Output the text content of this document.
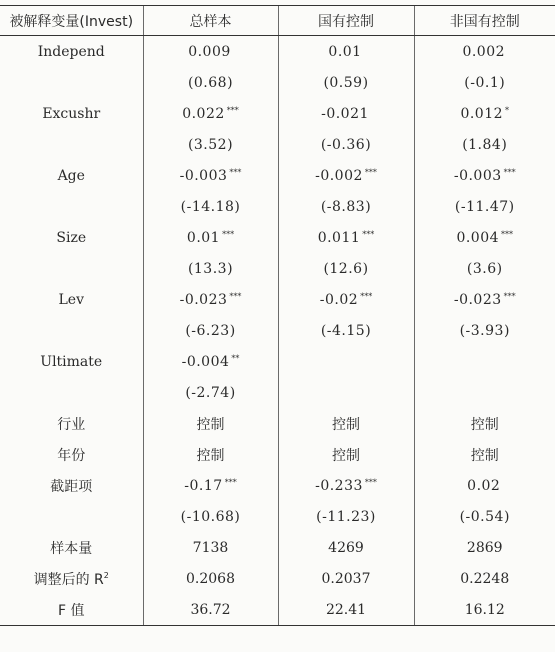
被解释变量(Invest)	总样本	国有控制	非国有控制
Independ	0.009	0.01	0.002
	(0.68)	(0.59)	(-0.1)
Excushr	0.022 ***	-0.021	0.012 *
	(3.52)	(-0.36)	(1.84)
Age	-0.003 ***	-0.002 ***	-0.003 ***
	(-14.18)	(-8.83)	(-11.47)
Size	0.01 ***	0.011 ***	0.004 ***
	(13.3)	(12.6)	(3.6)
Lev	-0.023 ***	-0.02 ***	-0.023 ***
	(-6.23)	(-4.15)	(-3.93)
Ultimate	-0.004 **		
	(-2.74)		
行业	控制	控制	控制
年份	控制	控制	控制
截距项	-0.17 ***	-0.233 ***	0.02
	(-10.68)	(-11.23)	(-0.54)
样本量	7138	4269	2869
调整后的 $R^2$	0.2068	0.2037	0.2248
F 值	36.72	22.41	16.12
